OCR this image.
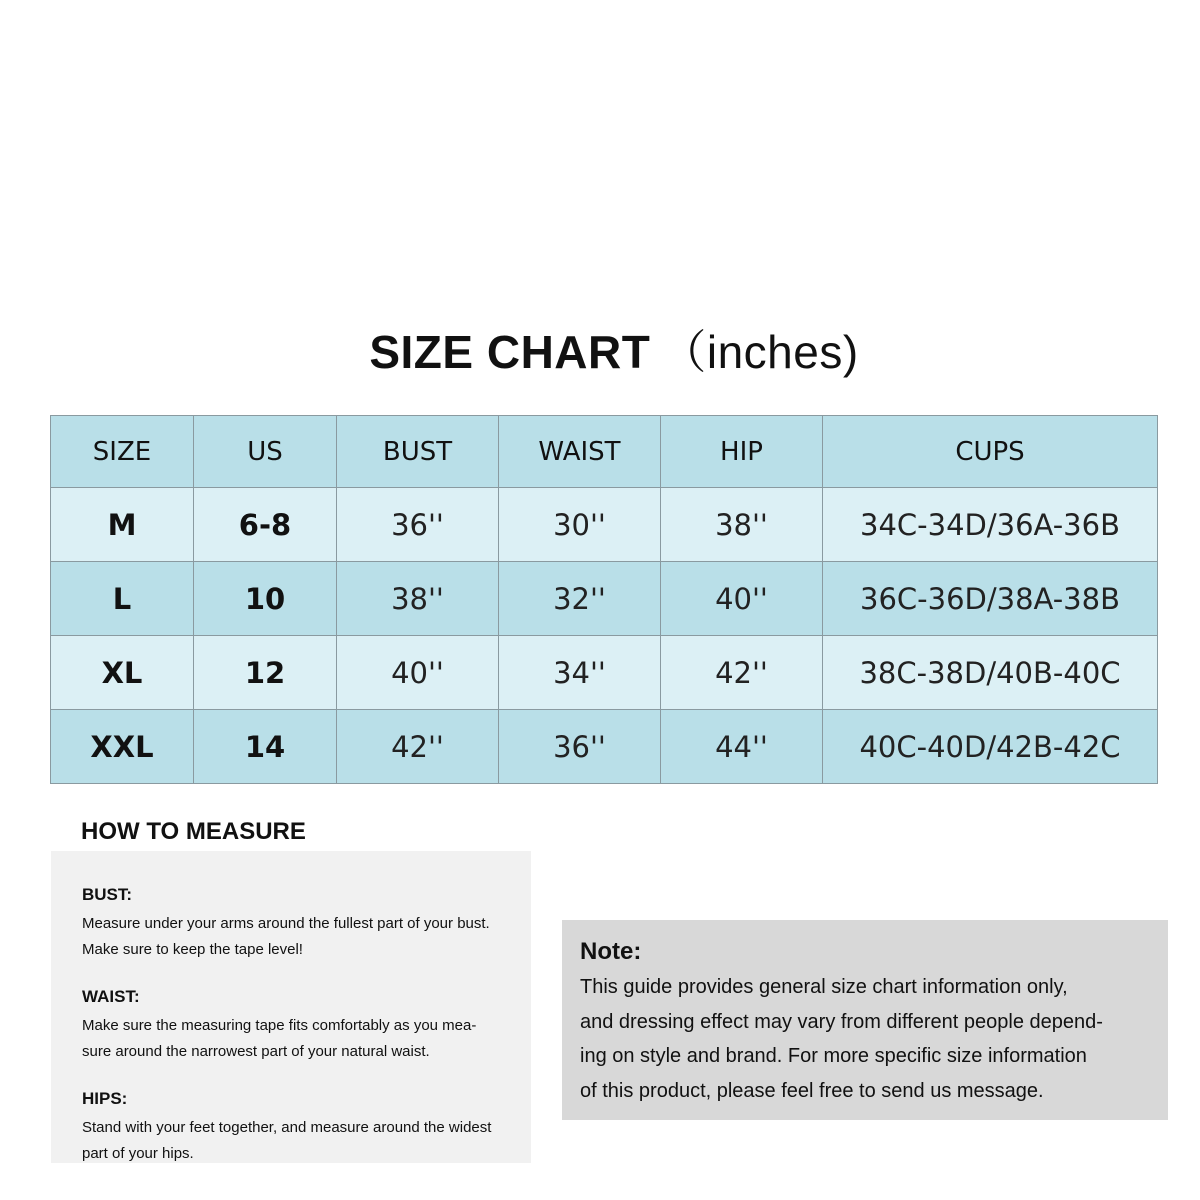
SIZE CHART （inches)
SIZE	US	BUST	WAIST	HIP	CUPS
M	6-8	36''	30''	38''	34C-34D/36A-36B
L	10	38''	32''	40''	36C-36D/38A-38B
XL	12	40''	34''	42''	38C-38D/40B-40C
XXL	14	42''	36''	44''	40C-40D/42B-42C
HOW TO MEASURE
BUST:
Measure under your arms around the fullest part of your bust.
Make sure to keep the tape level!
WAIST:
Make sure the measuring tape fits comfortably as you mea-
sure around the narrowest part of your natural waist.
HIPS:
Stand with your feet together, and measure around the widest
part of your hips.
Note:
This guide provides general size chart information only,
and dressing effect may vary from different people depend-
ing on style and brand. For more specific size information
of this product, please feel free to send us message.
